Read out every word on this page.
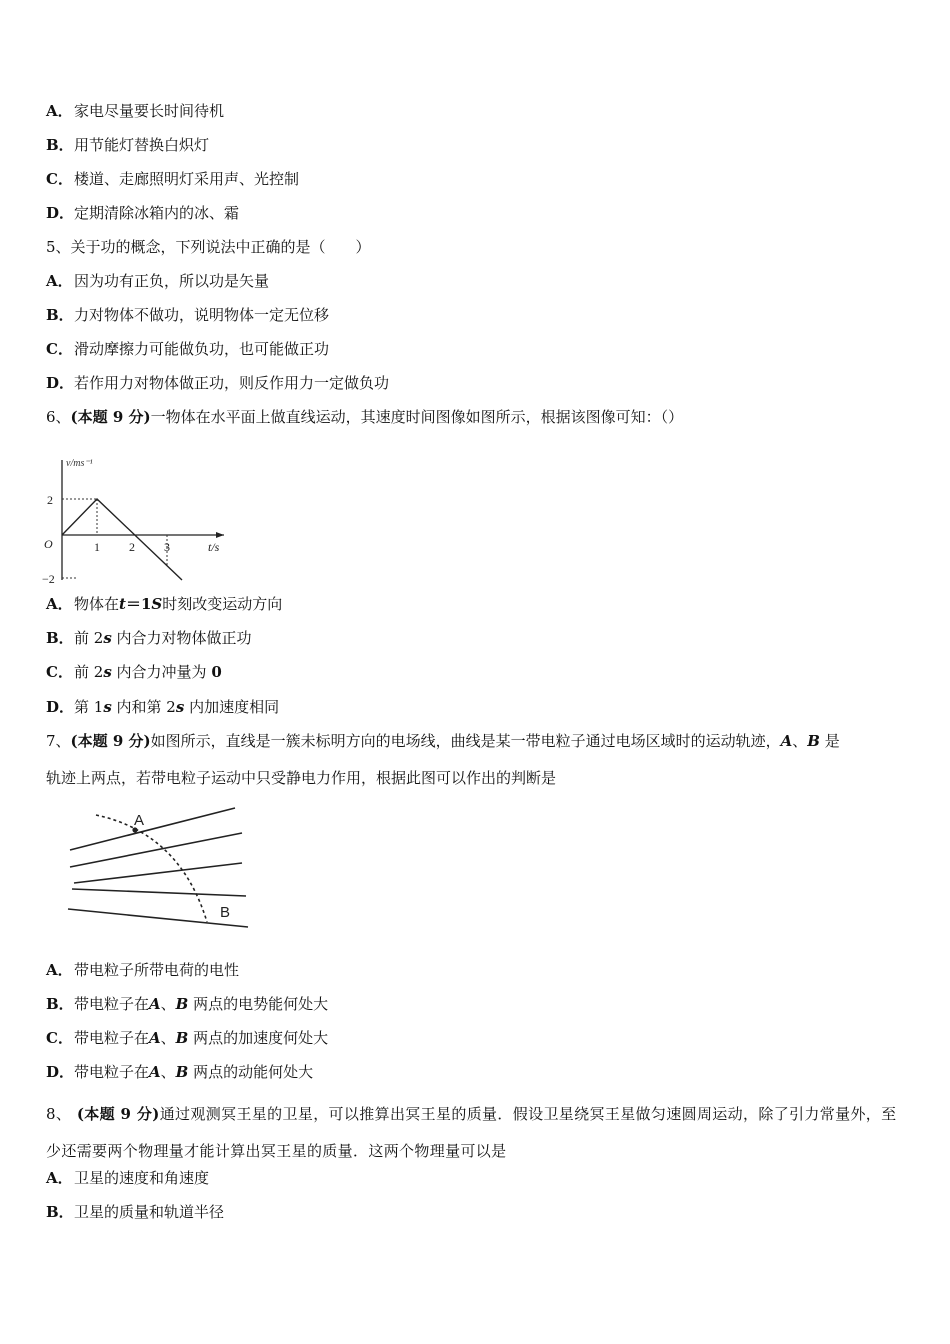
A．家电尽量要长时间待机
B．用节能灯替换白炽灯
C．楼道、走廊照明灯采用声、光控制
D．定期清除冰箱内的冰、霜
5、关于功的概念，下列说法中正确的是（　　）
A．因为功有正负，所以功是矢量
B．力对物体不做功，说明物体一定无位移
C．滑动摩擦力可能做负功，也可能做正功
D．若作用力对物体做正功，则反作用力一定做负功
6、(本题 9 分)一物体在水平面上做直线运动，其速度时间图像如图所示，根据该图像可知：（）
v/ms⁻¹
2
O	1 2 3	t/s
−2
A．物体在t＝1S时刻改变运动方向
B．前 2s 内合力对物体做正功
C．前 2s 内合力冲量为 0
D．第 1s 内和第 2s 内加速度相同
7、(本题 9 分)如图所示，直线是一簇未标明方向的电场线，曲线是某一带电粒子通过电场区域时的运动轨迹，A、B 是
轨迹上两点，若带电粒子运动中只受静电力作用，根据此图可以作出的判断是
A
B
A．带电粒子所带电荷的电性
B．带电粒子在A、B 两点的电势能何处大
C．带电粒子在A、B 两点的加速度何处大
D．带电粒子在A、B 两点的动能何处大
8、 (本题 9 分)通过观测冥王星的卫星，可以推算出冥王星的质量．假设卫星绕冥王星做匀速圆周运动，除了引力常量外，至少还需要两个物理量才能计算出冥王星的质量．这两个物理量可以是
A．卫星的速度和角速度
B．卫星的质量和轨道半径
